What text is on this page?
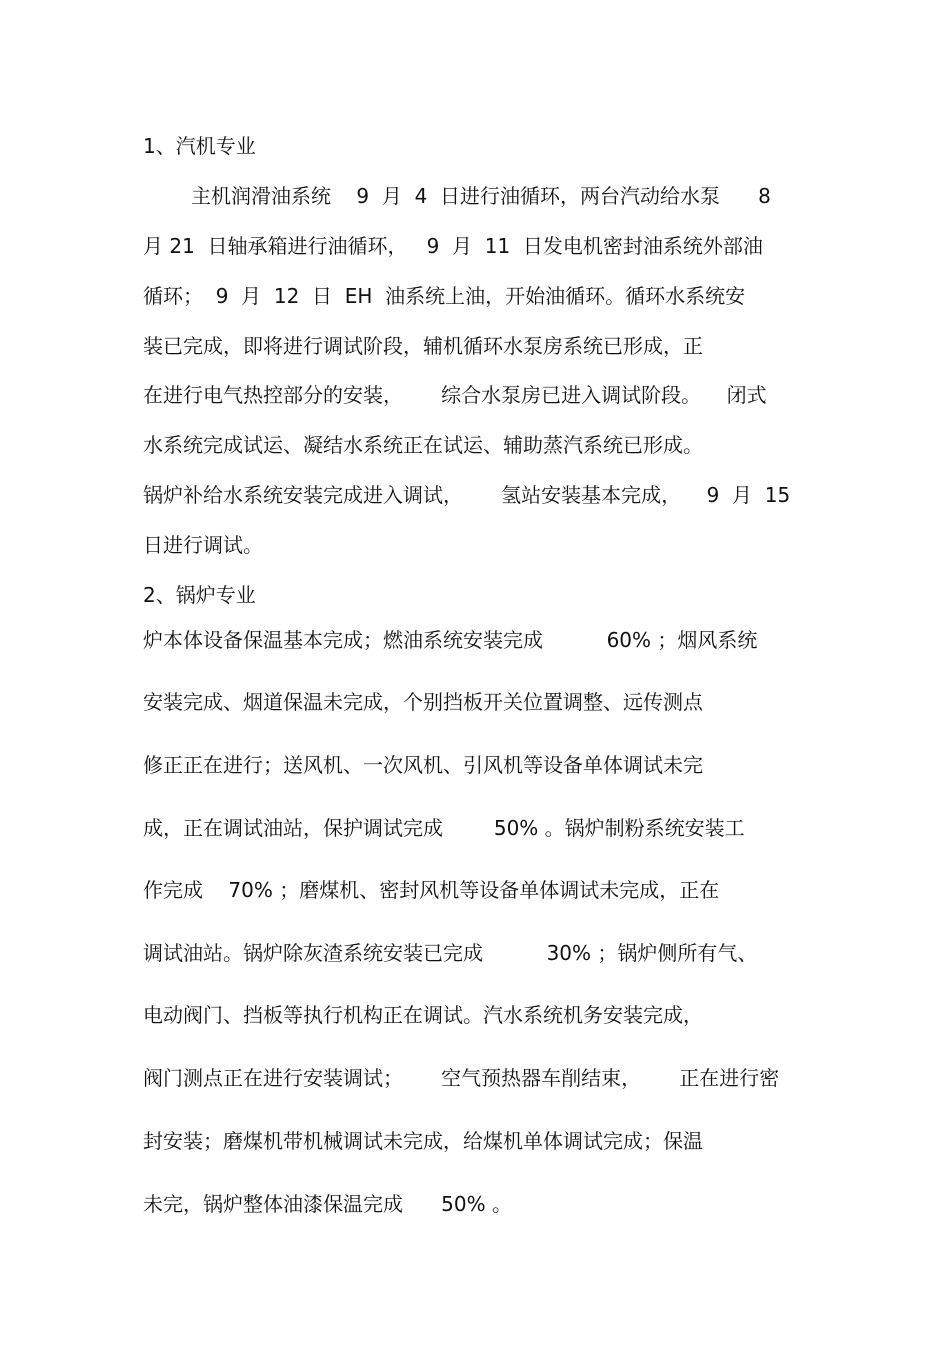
1、汽机专业

主机润滑油系统    9  月  4  日进行油循环，两台汽动给水泵      8

月 21  日轴承箱进行油循环，   9  月  11  日发电机密封油系统外部油

循环；  9  月  12  日  EH  油系统上油，开始油循环。循环水系统安

装已完成，即将进行调试阶段，辅机循环水泵房系统已形成，正

在进行电气热控部分的安装，      综合水泵房已进入调试阶段。    闭式

水系统完成试运、凝结水系统正在试运、辅助蒸汽系统已形成。

锅炉补给水系统安装完成进入调试，      氢站安装基本完成，    9  月  15

日进行调试。

2、锅炉专业

炉本体设备保温基本完成；燃油系统安装完成          60% ；烟风系统

安装完成、烟道保温未完成，个别挡板开关位置调整、远传测点

修正正在进行；送风机、一次风机、引风机等设备单体调试未完

成，正在调试油站，保护调试完成        50% 。锅炉制粉系统安装工

作完成    70% ；磨煤机、密封风机等设备单体调试未完成，正在

调试油站。锅炉除灰渣系统安装已完成          30% ；锅炉侧所有气、

电动阀门、挡板等执行机构正在调试。汽水系统机务安装完成，

阀门测点正在进行安装调试；      空气预热器车削结束，      正在进行密

封安装；磨煤机带机械调试未完成，给煤机单体调试完成；保温

未完，锅炉整体油漆保温完成      50% 。
